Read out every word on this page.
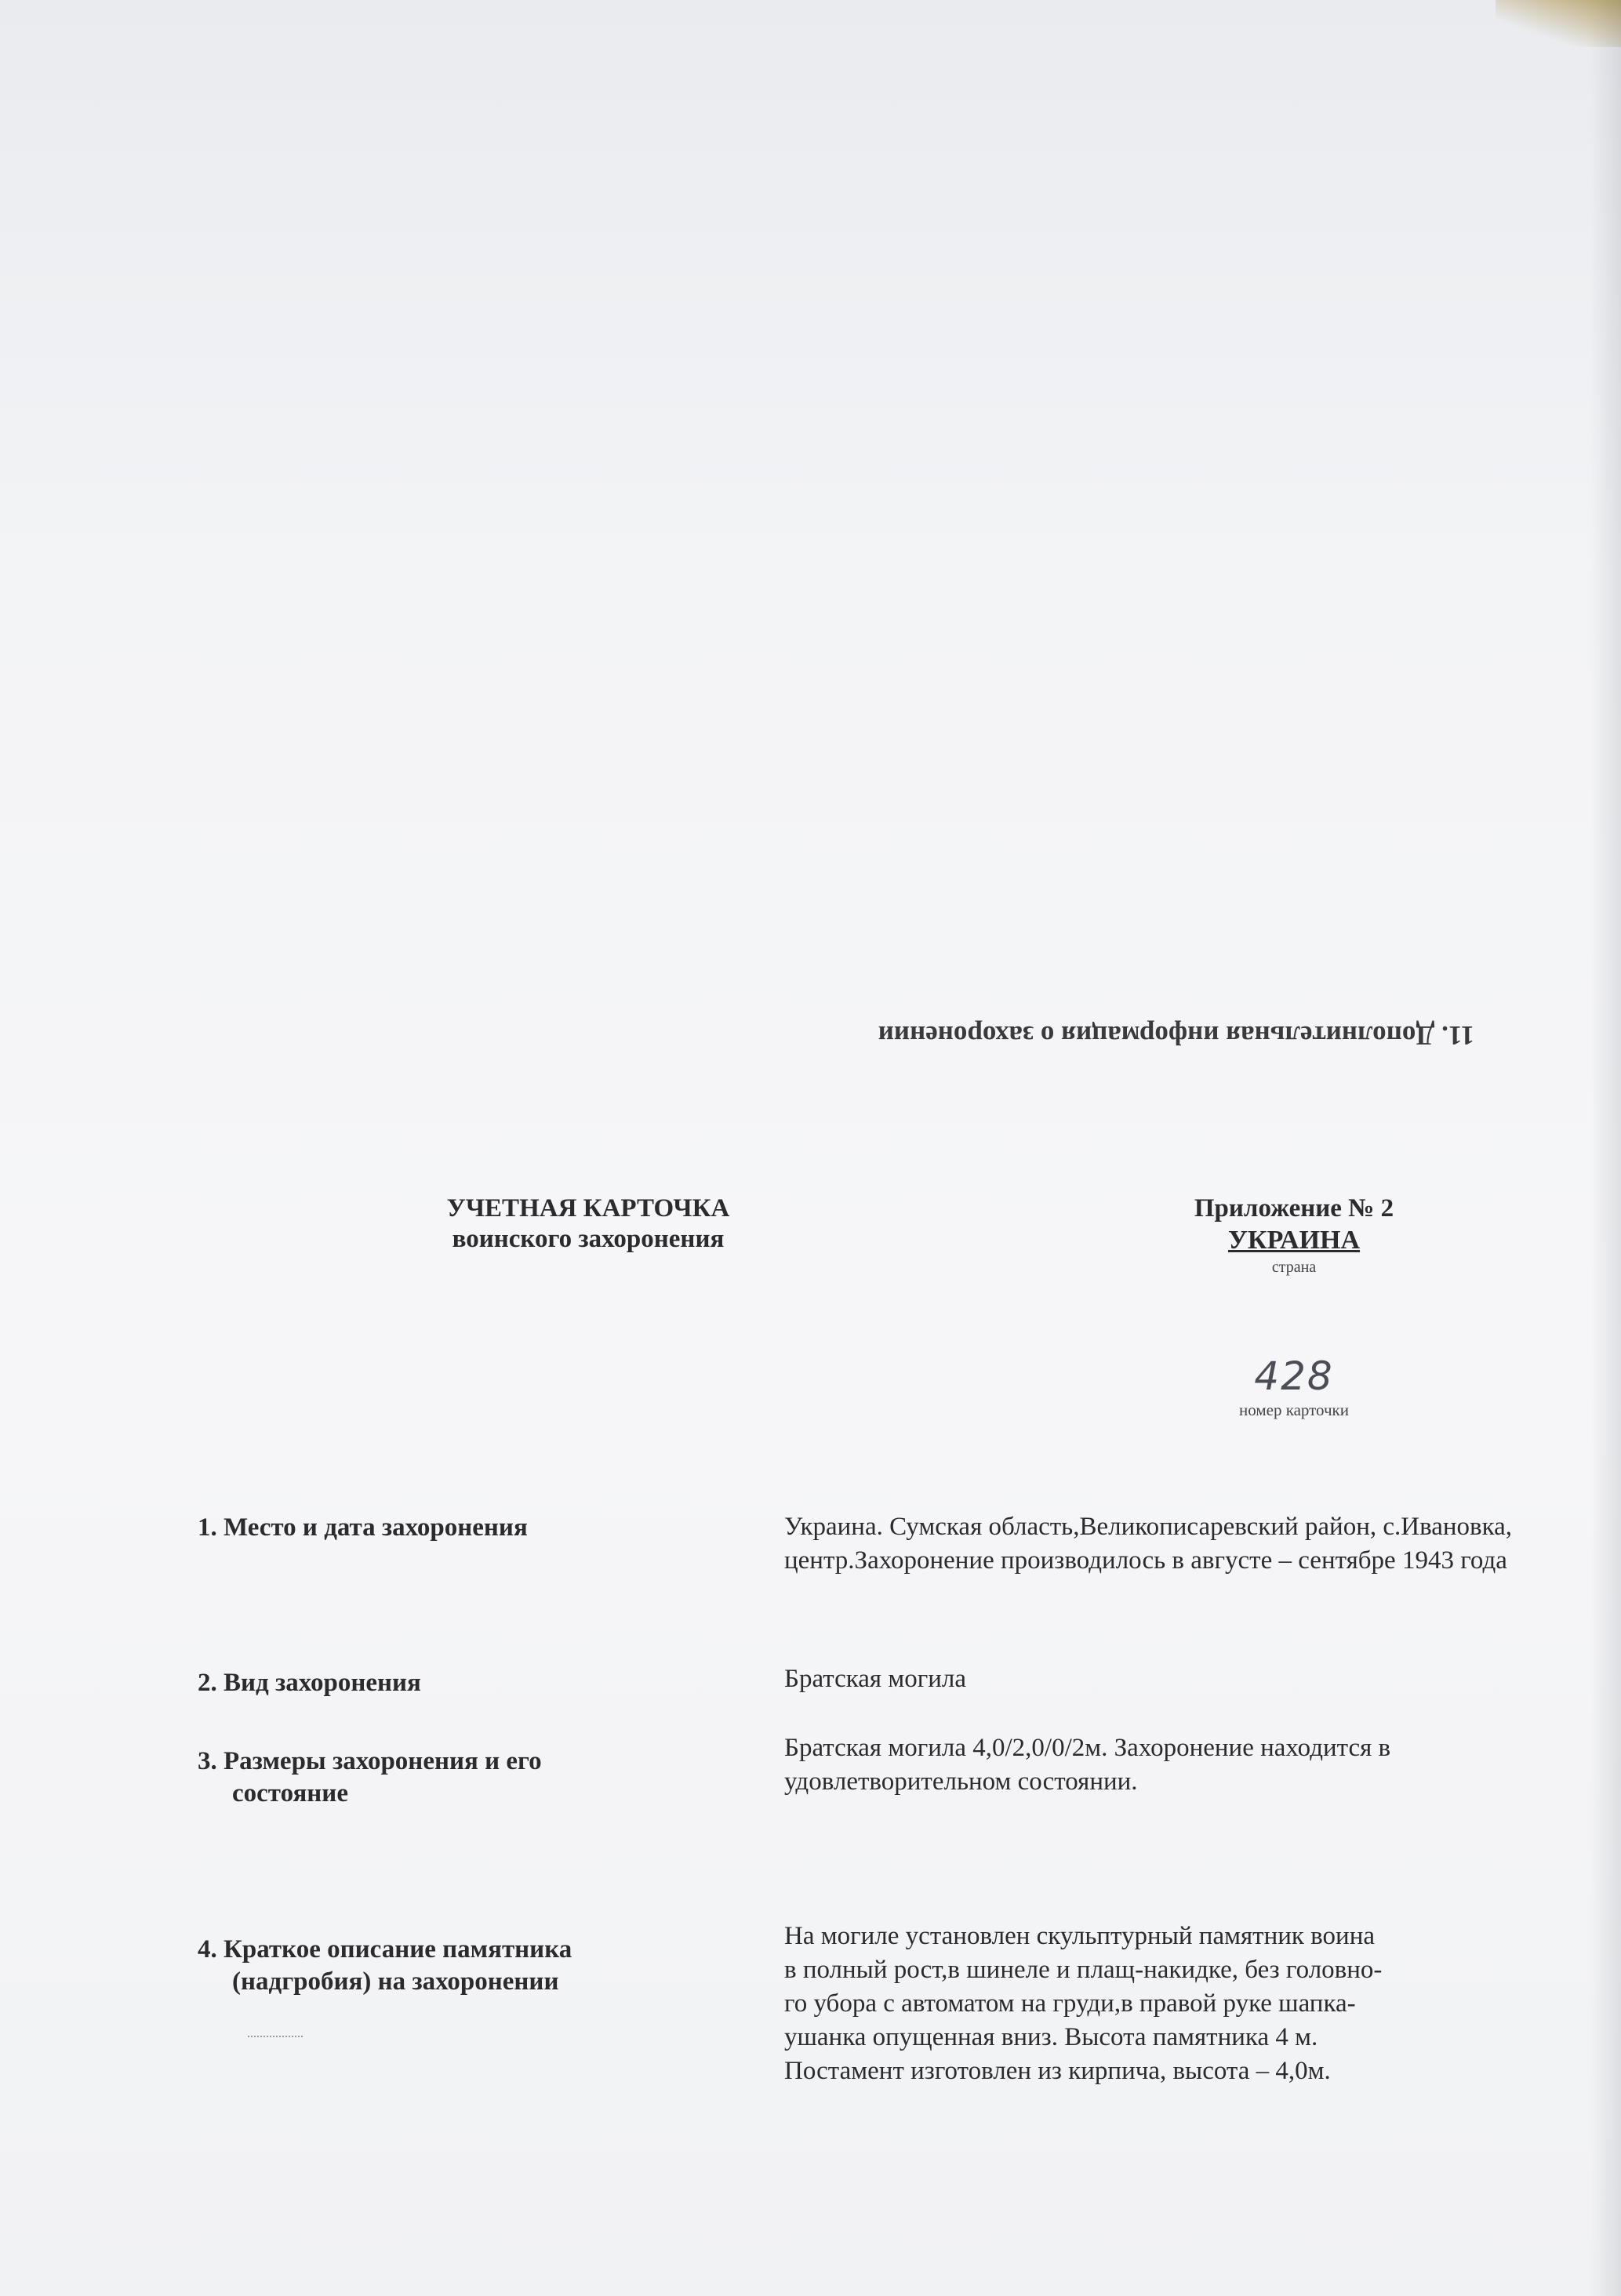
11. Дополнительная информация о захоронении
УЧЕТНАЯ КАРТОЧКА
воинского захоронения
Приложение № 2
УКРАИНА
страна
428
номер карточки
1. Место и дата захоронения	Украина. Сумская область,Великописаревский район, с.Ивановка, центр.Захоронение производилось в августе – сентябре 1943 года
2. Вид захоронения	Братская могила
3. Размеры захоронения и его
состояние
Братская могила 4,0/2,0/0/2м. Захоронение находится в удовлетворительном состоянии.
4. Краткое описание памятника
(надгробия) на захоронении
На могиле установлен скульптурный памятник воина
в полный рост,в шинеле и плащ-накидке, без головно-
го убора с автоматом на груди,в правой руке шапка-
ушанка опущенная вниз. Высота памятника 4 м.
Постамент изготовлен из кирпича, высота – 4,0м.
